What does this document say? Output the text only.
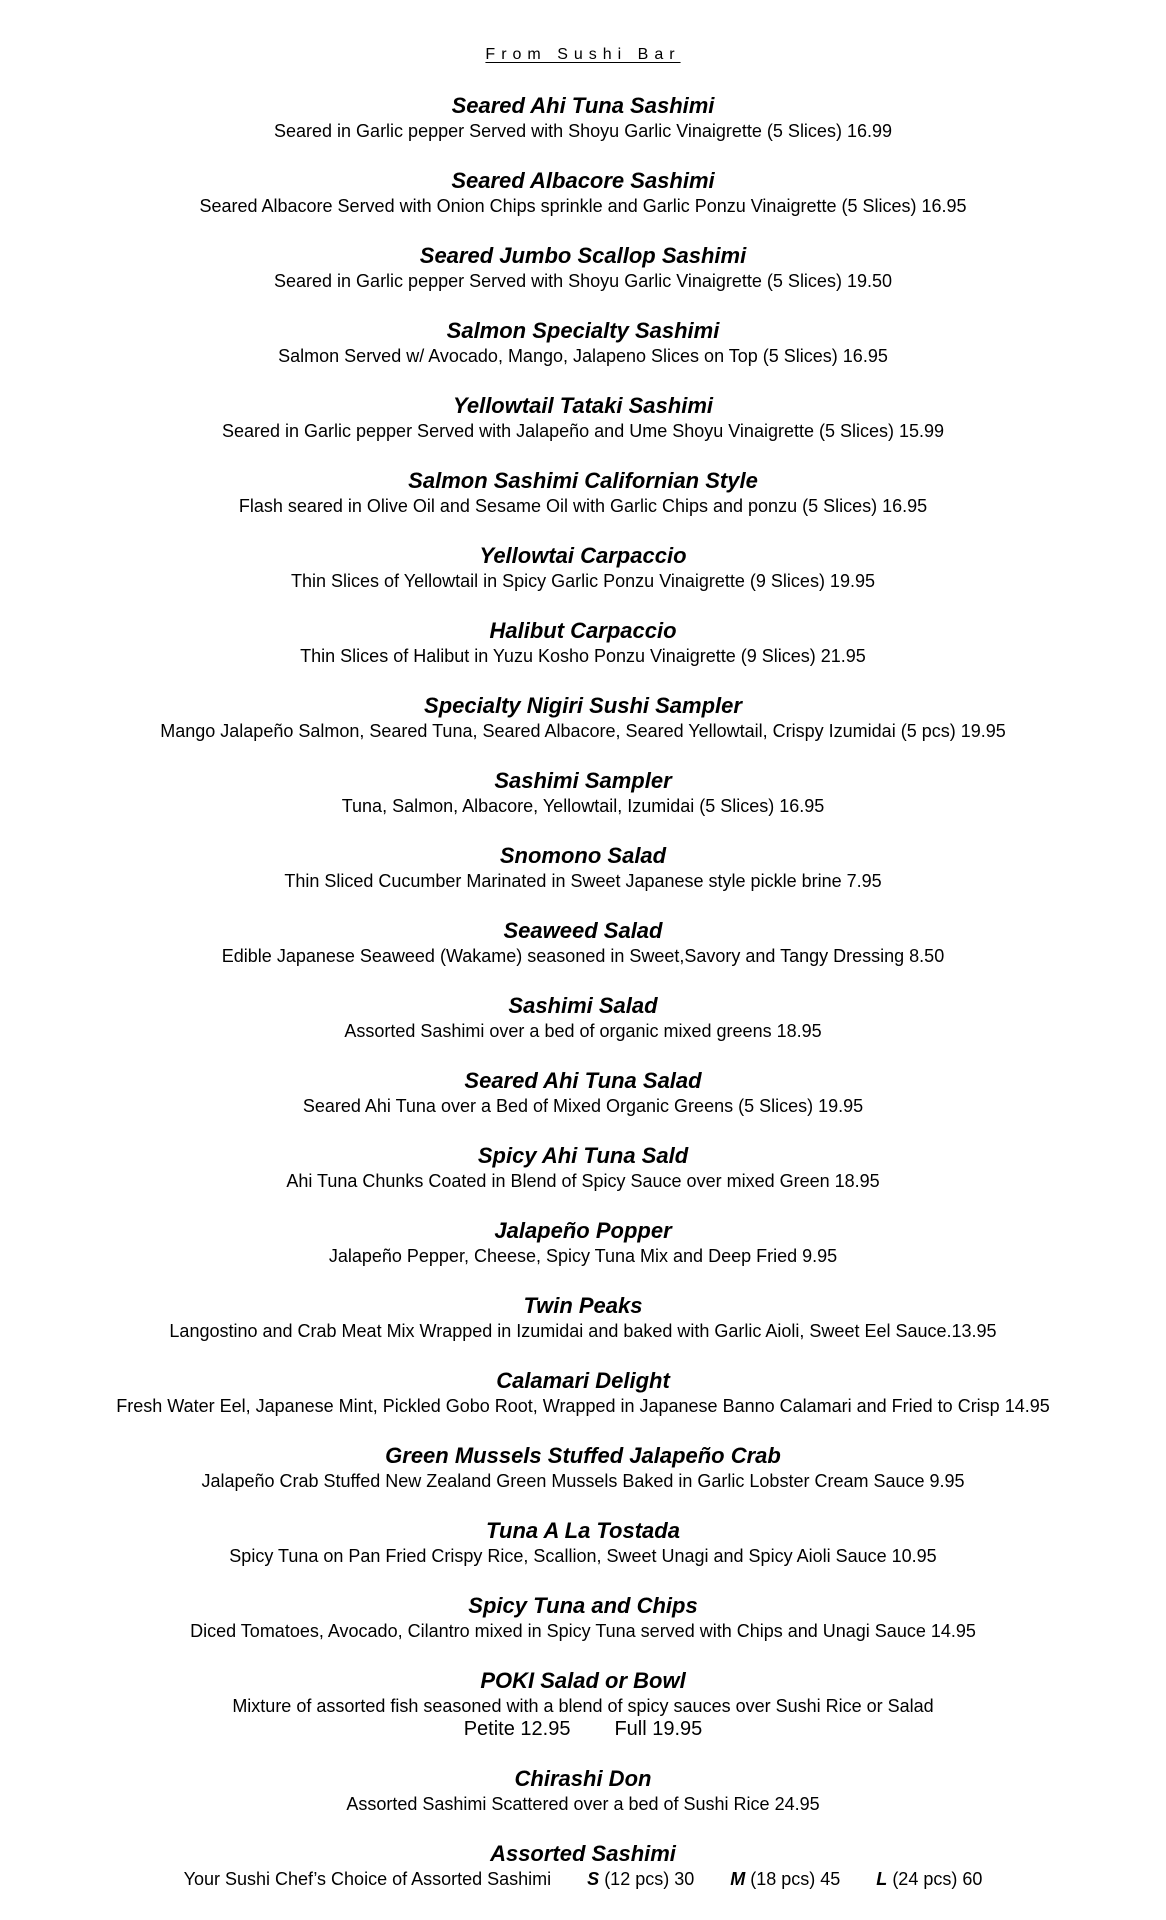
From Sushi Bar

Seared Ahi Tuna Sashimi

Seared in Garlic pepper Served with Shoyu Garlic Vinaigrette (5 Slices) 16.99

Seared Albacore Sashimi

Seared Albacore Served with Onion Chips sprinkle and Garlic Ponzu Vinaigrette (5 Slices) 16.95

Seared Jumbo Scallop Sashimi

Seared in Garlic pepper Served with Shoyu Garlic Vinaigrette (5 Slices) 19.50

Salmon Specialty Sashimi

Salmon Served w/ Avocado, Mango, Jalapeno Slices on Top (5 Slices) 16.95

Yellowtail Tataki Sashimi

Seared in Garlic pepper Served with Jalapeño and Ume Shoyu Vinaigrette (5 Slices) 15.99

Salmon Sashimi Californian Style

Flash seared in Olive Oil and Sesame Oil with Garlic Chips and ponzu (5 Slices) 16.95

Yellowtai Carpaccio

Thin Slices of Yellowtail in Spicy Garlic Ponzu Vinaigrette (9 Slices) 19.95

Halibut Carpaccio

Thin Slices of Halibut in Yuzu Kosho Ponzu Vinaigrette (9 Slices) 21.95

Specialty Nigiri Sushi Sampler

Mango Jalapeño Salmon, Seared Tuna, Seared Albacore, Seared Yellowtail, Crispy Izumidai (5 pcs) 19.95

Sashimi Sampler

Tuna, Salmon, Albacore, Yellowtail, Izumidai (5 Slices) 16.95

Snomono Salad

Thin Sliced Cucumber Marinated in Sweet Japanese style pickle brine 7.95

Seaweed Salad

Edible Japanese Seaweed (Wakame) seasoned in Sweet,Savory and Tangy Dressing 8.50

Sashimi Salad

Assorted Sashimi over a bed of organic mixed greens 18.95

Seared Ahi Tuna Salad

Seared Ahi Tuna over a Bed of Mixed Organic Greens (5 Slices) 19.95

Spicy Ahi Tuna Sald

Ahi Tuna Chunks Coated in Blend of Spicy Sauce over mixed Green 18.95

Jalapeño Popper

Jalapeño Pepper, Cheese, Spicy Tuna Mix and Deep Fried 9.95

Twin Peaks

Langostino and Crab Meat Mix Wrapped in Izumidai and baked with Garlic Aioli, Sweet Eel Sauce.13.95

Calamari Delight

Fresh Water Eel, Japanese Mint, Pickled Gobo Root, Wrapped in Japanese Banno Calamari and Fried to Crisp 14.95

Green Mussels Stuffed Jalapeño Crab

Jalapeño Crab Stuffed New Zealand Green Mussels Baked in Garlic Lobster Cream Sauce 9.95

Tuna A La Tostada

Spicy Tuna on Pan Fried Crispy Rice, Scallion, Sweet Unagi and Spicy Aioli Sauce 10.95

Spicy Tuna and Chips

Diced Tomatoes, Avocado, Cilantro mixed in Spicy Tuna served with Chips and Unagi Sauce 14.95

POKI Salad or Bowl

Mixture of assorted fish seasoned with a blend of spicy sauces over Sushi Rice or Salad

Petite 12.95 Full 19.95

Chirashi Don

Assorted Sashimi Scattered over a bed of Sushi Rice 24.95

Assorted Sashimi

Your Sushi Chef’s Choice of Assorted Sashimi S (12 pcs) 30 M (18 pcs) 45 L (24 pcs) 60
